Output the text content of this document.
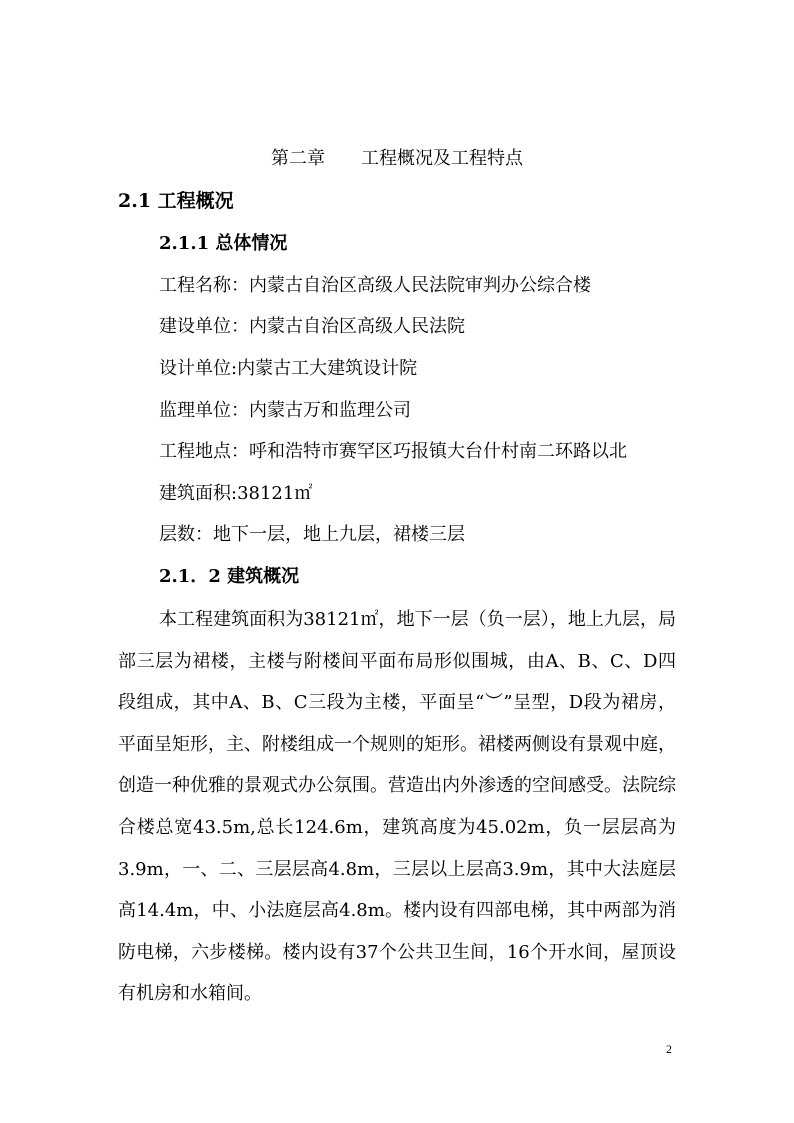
第二章　　工程概况及工程特点
2.1 工程概况
2.1.1 总体情况
工程名称：内蒙古自治区高级人民法院审判办公综合楼
建设单位：内蒙古自治区高级人民法院
设计单位:内蒙古工大建筑设计院
监理单位：内蒙古万和监理公司
工程地点：呼和浩特市赛罕区巧报镇大台什村南二环路以北
建筑面积:38121㎡
层数：地下一层，地上九层，裙楼三层
2.1．2 建筑概况

本工程建筑面积为38121㎡，地下一层（负一层），地上九层，局部三层为裙楼，主楼与附楼间平面布局形似围城，由A、B、C、D四段组成，其中A、B、C三段为主楼，平面呈“︶”呈型，D段为裙房，平面呈矩形，主、附楼组成一个规则的矩形。裙楼两侧设有景观中庭，创造一种优雅的景观式办公氛围。营造出内外渗透的空间感受。法院综合楼总宽43.5m,总长124.6m，建筑高度为45.02m，负一层层高为3.9m，一、二、三层层高4.8m，三层以上层高3.9m，其中大法庭层高14.4m，中、小法庭层高4.8m。楼内设有四部电梯，其中两部为消防电梯，六步楼梯。楼内设有37个公共卫生间，16个开水间，屋顶设有机房和水箱间。

2
